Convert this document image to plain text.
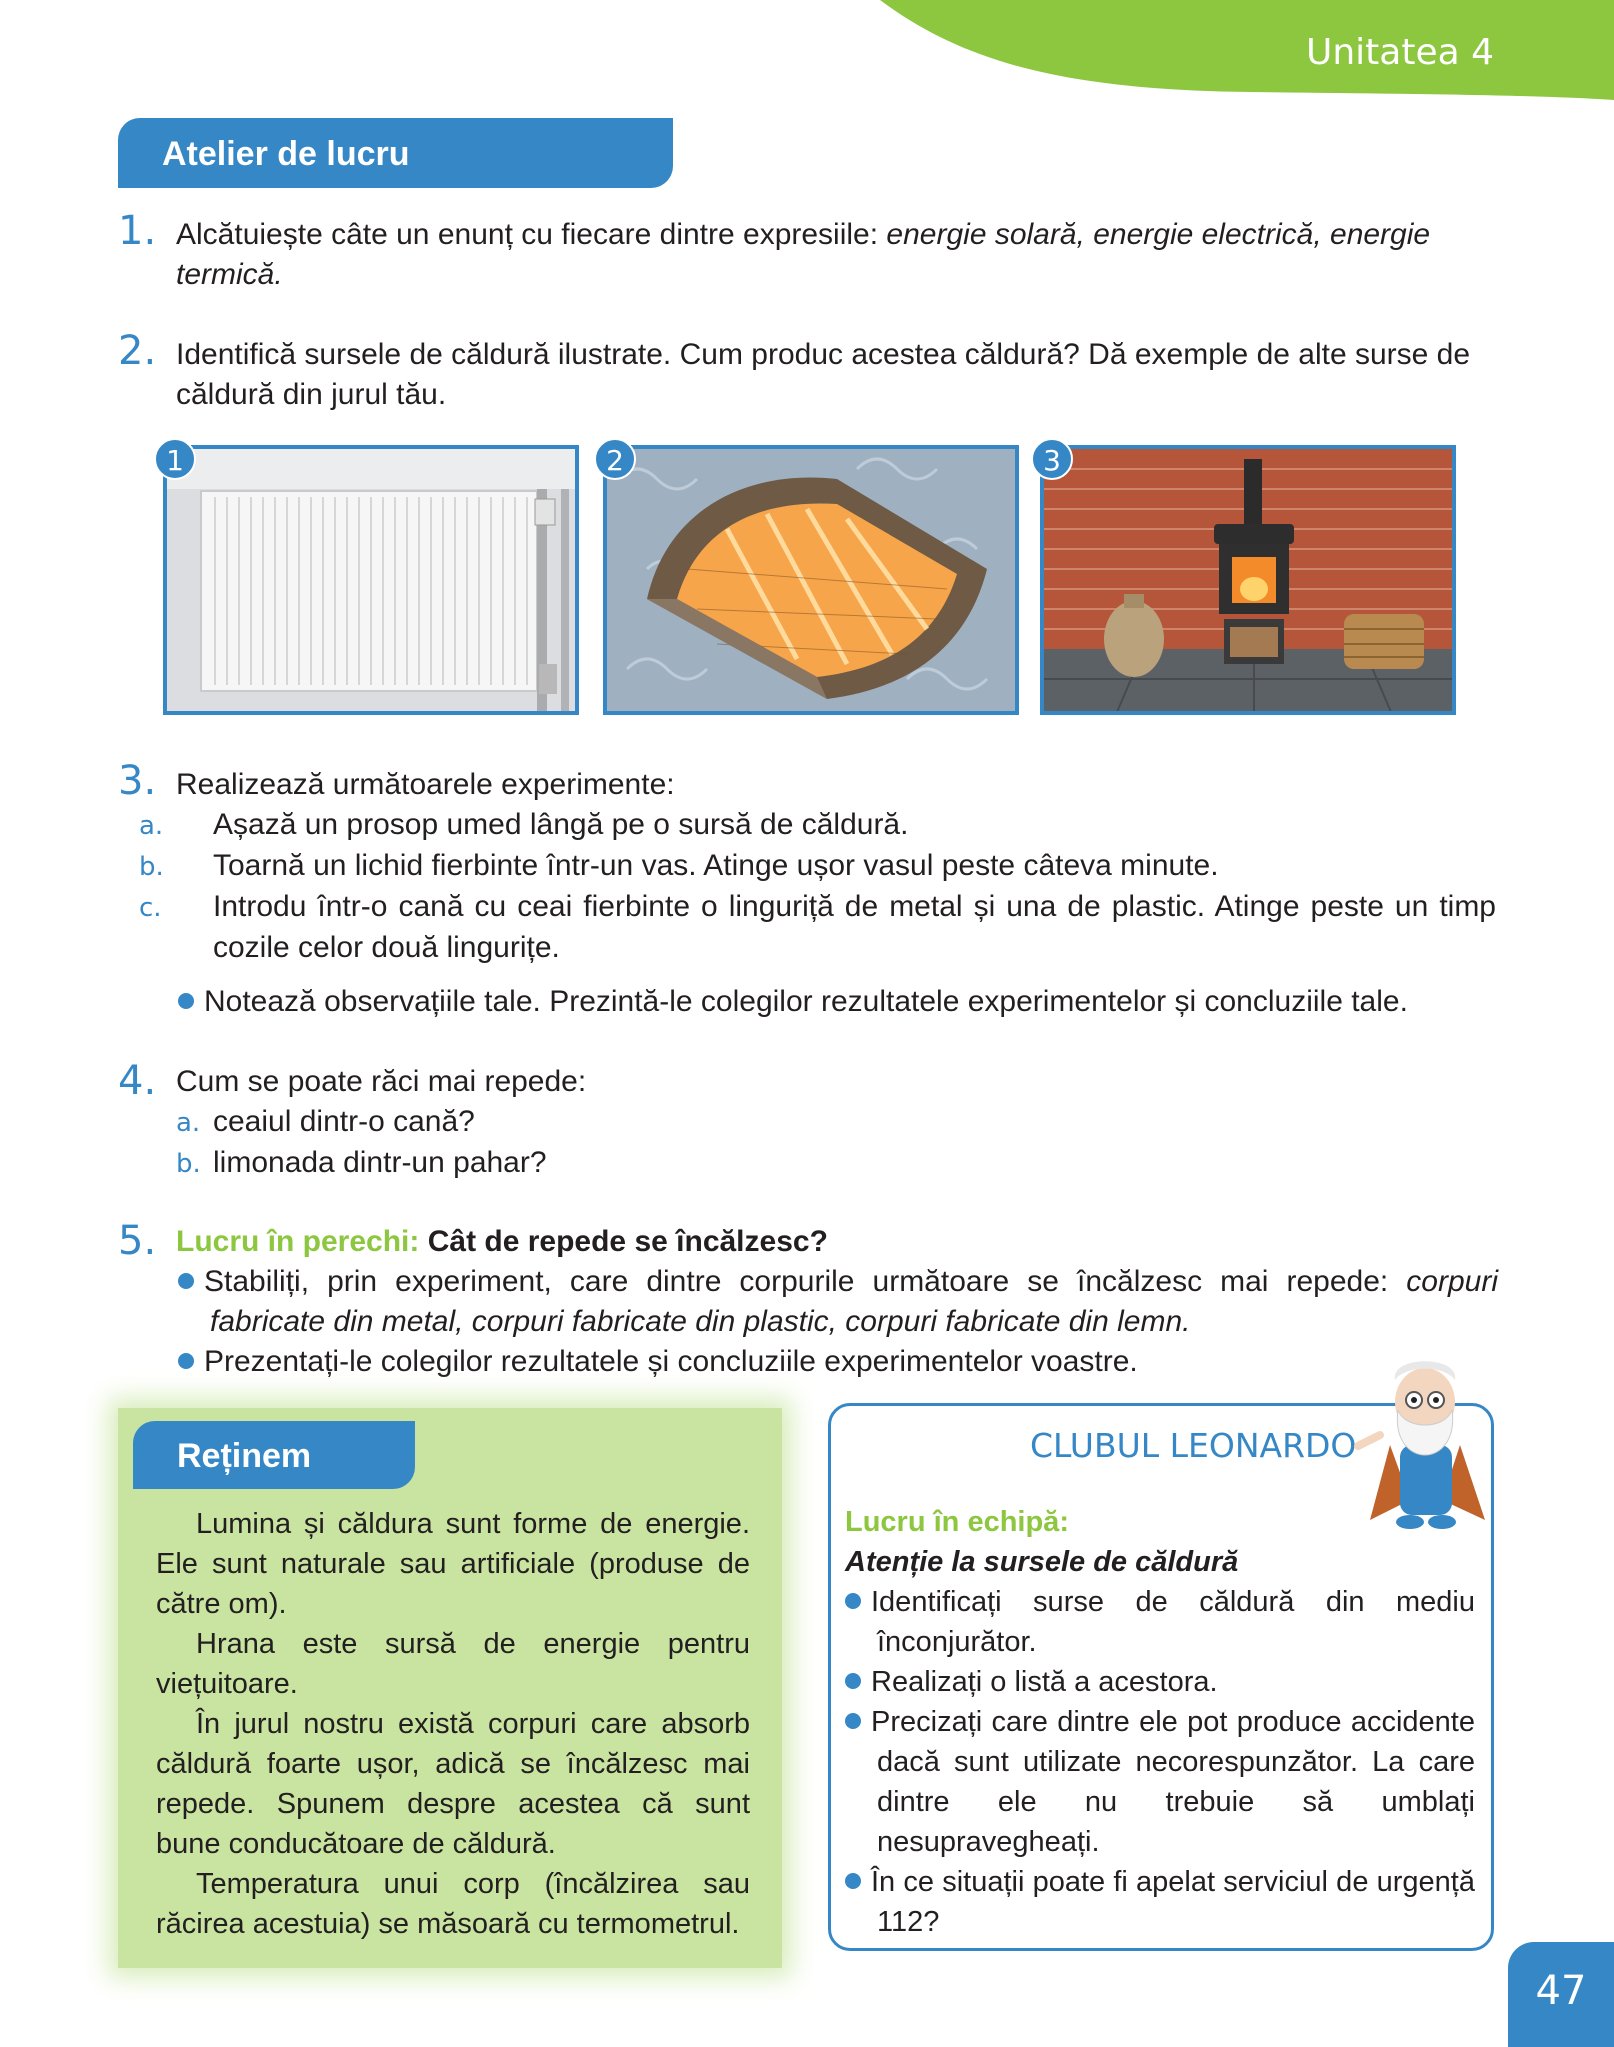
Unitatea 4
Atelier de lucru
1. Alcătuiește câte un enunț cu fiecare dintre expresiile: energie solară, energie electrică, energie termică.
2. Identifică sursele de căldură ilustrate. Cum produc acestea căldură? Dă exemple de alte surse de căldură din jurul tău.
1	2	3
3. Realizează următoarele experimente:
a. Așază un prosop umed lângă pe o sursă de căldură.
b. Toarnă un lichid fierbinte într-un vas. Atinge ușor vasul peste câteva minute.
c. Introdu într-o cană cu ceai fierbinte o linguriță de metal și una de plastic. Atinge peste un timp cozile celor două lingurițe.
Notează observațiile tale. Prezintă-le colegilor rezultatele experimentelor și concluziile tale.
4. Cum se poate răci mai repede:
a. ceaiul dintr-o cană?
b. limonada dintr-un pahar?
5. Lucru în perechi: Cât de repede se încălzesc?
Stabiliți, prin experiment, care dintre corpurile următoare se încălzesc mai repede: corpuri fabricate din metal, corpuri fabricate din plastic, corpuri fabricate din lemn.
Prezentați-le colegilor rezultatele și concluziile experimentelor voastre.
Reținem

Lumina și căldura sunt forme de energie. Ele sunt naturale sau artificiale (produse de către om).

Hrana este sursă de energie pentru viețuitoare.

În jurul nostru există corpuri care absorb căldură foarte ușor, adică se încălzesc mai repede. Spunem despre acestea că sunt bune conducătoare de căldură.

Temperatura unui corp (încălzirea sau răcirea acestuia) se măsoară cu termometrul.

CLUBUL LEONARDO
Lucru în echipă:
Atenție la sursele de căldură
Identificați surse de căldură din mediu înconjurător.
Realizați o listă a acestora.
Precizați care dintre ele pot produce accidente dacă sunt utilizate necorespunzător. La care dintre ele nu trebuie să umblați nesupravegheați.
În ce situații poate fi apelat serviciul de urgență 112?
47
